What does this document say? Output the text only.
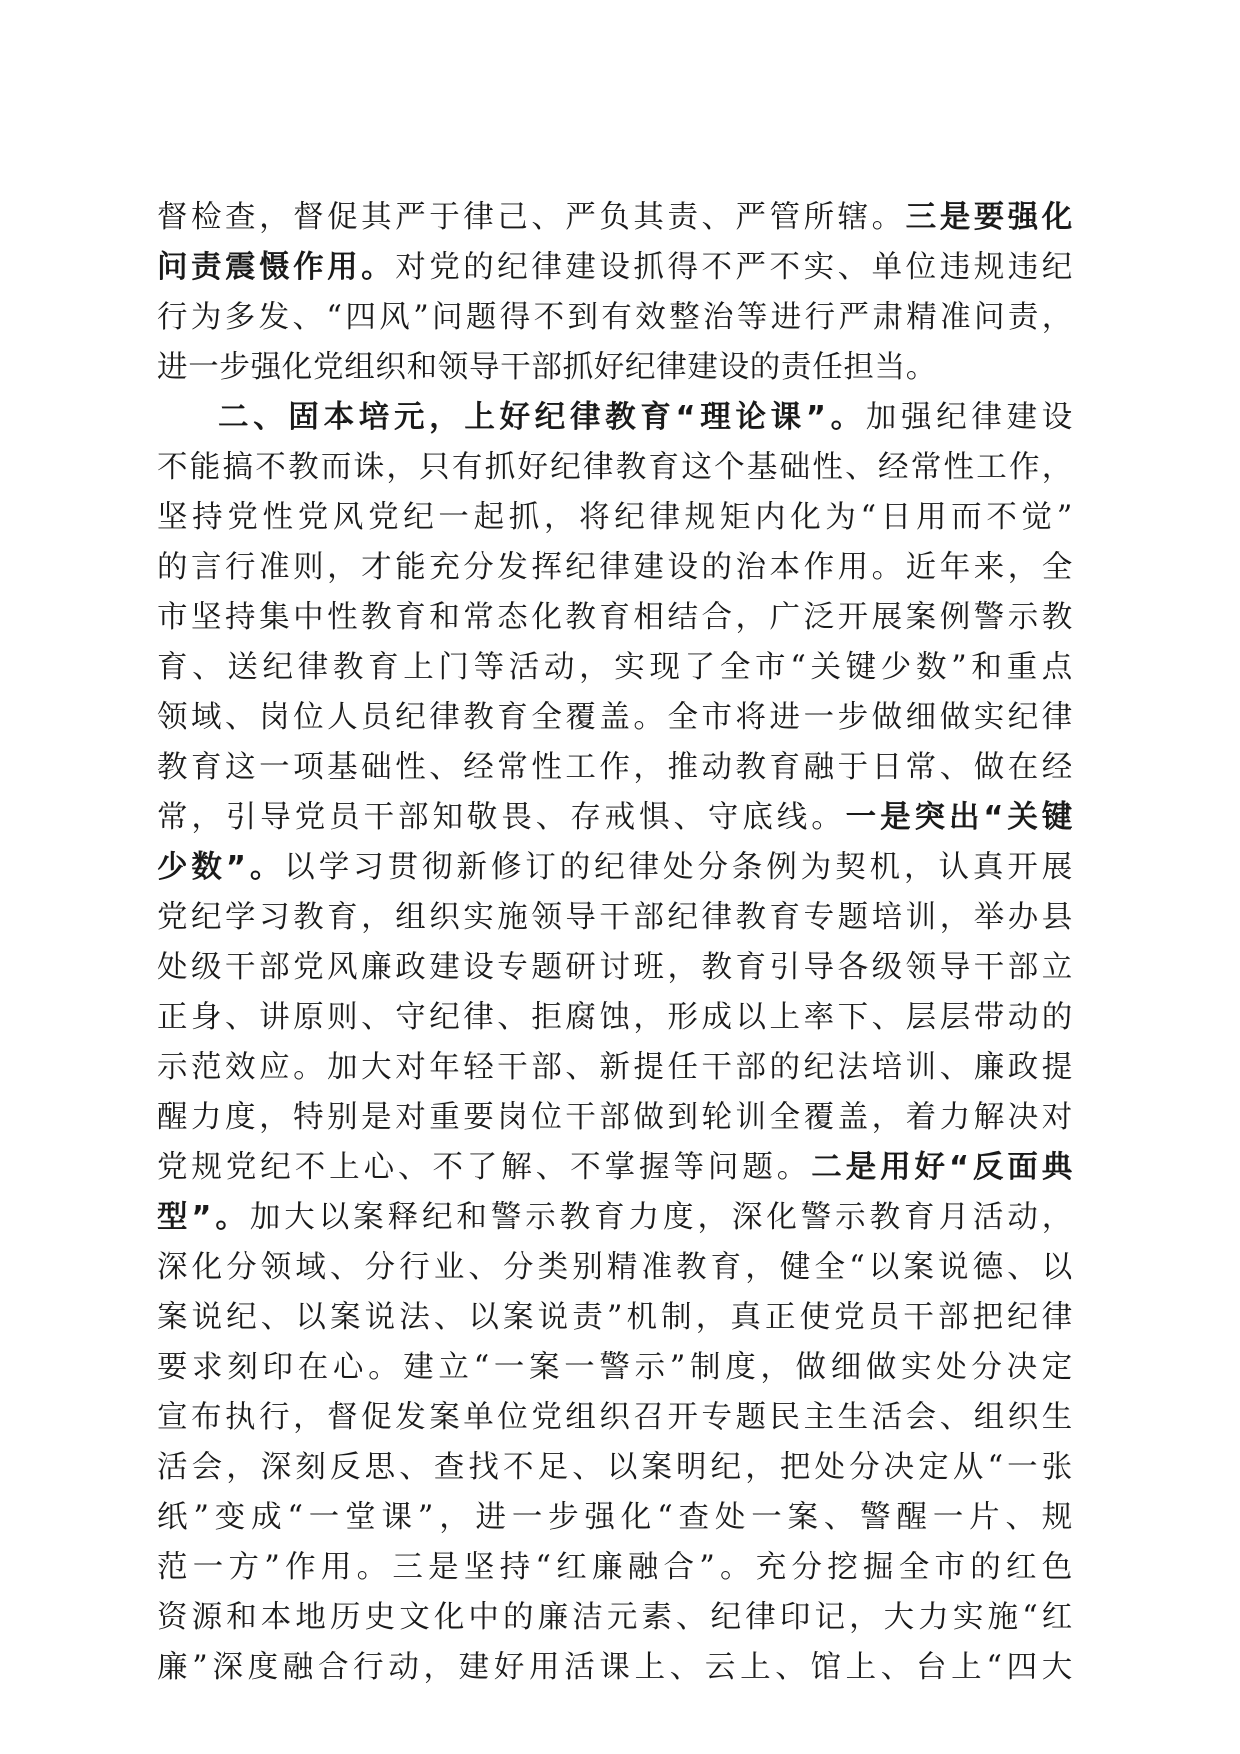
督检查，督促其严于律己、严负其责、严管所辖。三是要强化
问责震慑作用。对党的纪律建设抓得不严不实、单位违规违纪
行为多发、“四风”问题得不到有效整治等进行严肃精准问责，
进一步强化党组织和领导干部抓好纪律建设的责任担当。
二、固本培元，上好纪律教育“理论课”。加强纪律建设
不能搞不教而诛，只有抓好纪律教育这个基础性、经常性工作，
坚持党性党风党纪一起抓，将纪律规矩内化为“日用而不觉”
的言行准则，才能充分发挥纪律建设的治本作用。近年来，全
市坚持集中性教育和常态化教育相结合，广泛开展案例警示教
育、送纪律教育上门等活动，实现了全市“关键少数”和重点
领域、岗位人员纪律教育全覆盖。全市将进一步做细做实纪律
教育这一项基础性、经常性工作，推动教育融于日常、做在经
常，引导党员干部知敬畏、存戒惧、守底线。一是突出“关键
少数”。以学习贯彻新修订的纪律处分条例为契机，认真开展
党纪学习教育，组织实施领导干部纪律教育专题培训，举办县
处级干部党风廉政建设专题研讨班，教育引导各级领导干部立
正身、讲原则、守纪律、拒腐蚀，形成以上率下、层层带动的
示范效应。加大对年轻干部、新提任干部的纪法培训、廉政提
醒力度，特别是对重要岗位干部做到轮训全覆盖，着力解决对
党规党纪不上心、不了解、不掌握等问题。二是用好“反面典
型”。加大以案释纪和警示教育力度，深化警示教育月活动，
深化分领域、分行业、分类别精准教育，健全“以案说德、以
案说纪、以案说法、以案说责”机制，真正使党员干部把纪律
要求刻印在心。建立“一案一警示”制度，做细做实处分决定
宣布执行，督促发案单位党组织召开专题民主生活会、组织生
活会，深刻反思、查找不足、以案明纪，把处分决定从“一张
纸”变成“一堂课”，进一步强化“查处一案、警醒一片、规
范一方”作用。三是坚持“红廉融合”。充分挖掘全市的红色
资源和本地历史文化中的廉洁元素、纪律印记，大力实施“红
廉”深度融合行动，建好用活课上、云上、馆上、台上“四大
